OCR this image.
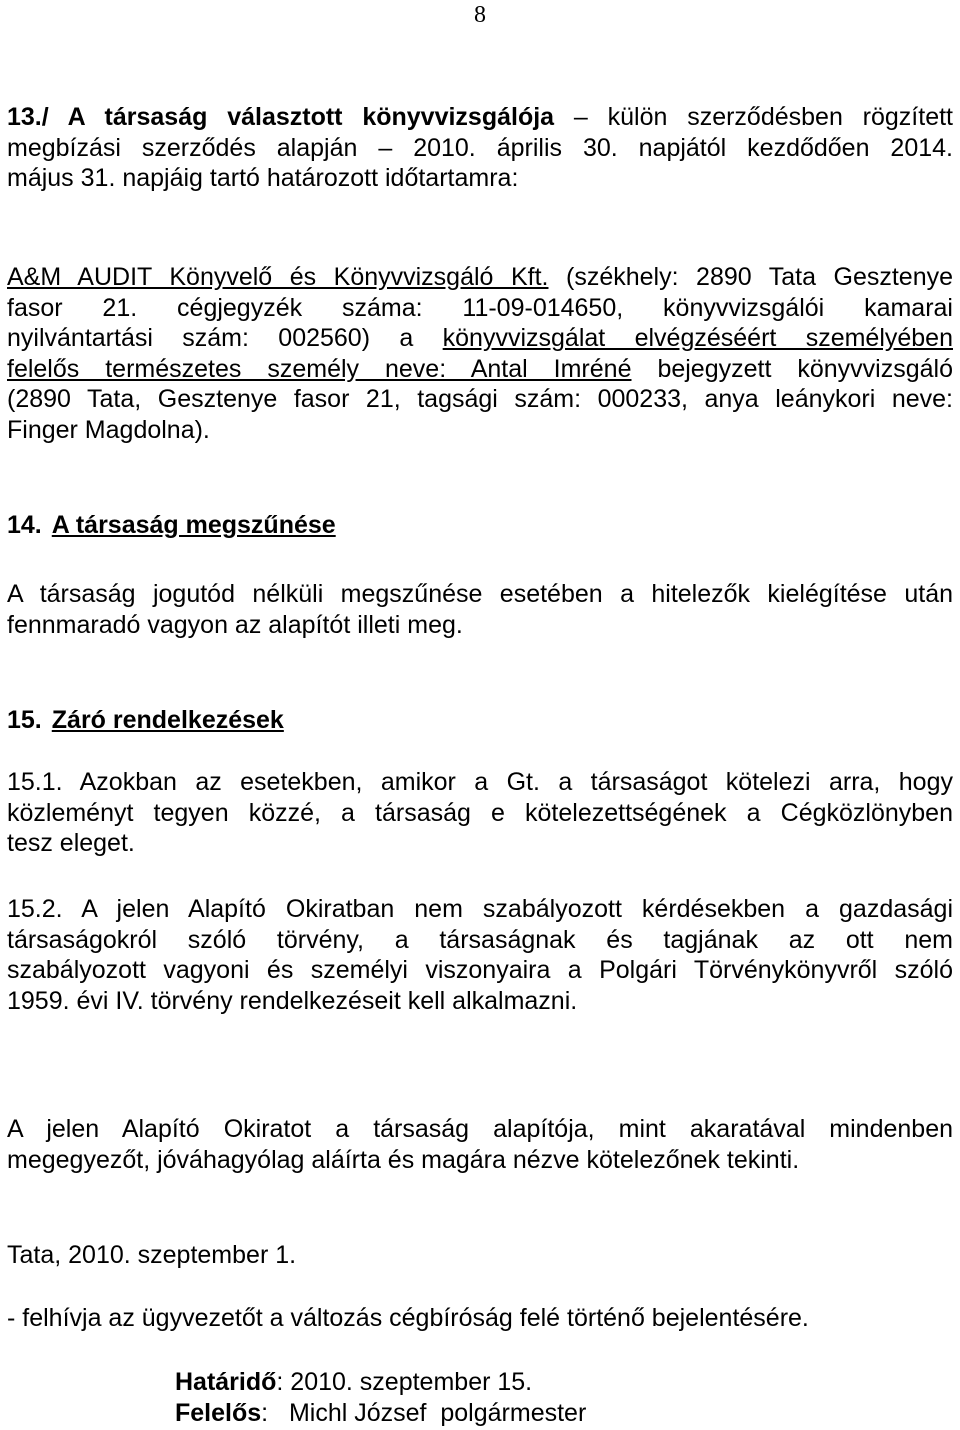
8
13./ A társaság választott könyvvizsgálója – külön szerződésben rögzített
megbízási szerződés alapján – 2010. április 30. napjától kezdődően 2014.
május 31. napjáig tartó határozott időtartamra:
A&M AUDIT Könyvelő és Könyvvizsgáló Kft. (székhely: 2890 Tata Gesztenye
fasor 21. cégjegyzék száma: 11-09-014650, könyvvizsgálói kamarai
nyilvántartási szám: 002560) a könyvvizsgálat elvégzéséért személyében
felelős természetes személy neve: Antal Imréné bejegyzett könyvvizsgáló
(2890 Tata, Gesztenye fasor 21, tagsági szám: 000233, anya leánykori neve:
Finger Magdolna).
14. A társaság megszűnése
A társaság jogutód nélküli megszűnése esetében a hitelezők kielégítése után
fennmaradó vagyon az alapítót illeti meg.
15. Záró rendelkezések
15.1. Azokban az esetekben, amikor a Gt. a társaságot kötelezi arra, hogy
közleményt tegyen közzé, a társaság e kötelezettségének a Cégközlönyben
tesz eleget.
15.2. A jelen Alapító Okiratban nem szabályozott kérdésekben a gazdasági
társaságokról szóló törvény, a társaságnak és tagjának az ott nem
szabályozott vagyoni és személyi viszonyaira a Polgári Törvénykönyvről szóló
1959. évi IV. törvény rendelkezéseit kell alkalmazni.
A jelen Alapító Okiratot a társaság alapítója, mint akaratával mindenben
megegyezőt, jóváhagyólag aláírta és magára nézve kötelezőnek tekinti.
Tata, 2010. szeptember 1.
- felhívja az ügyvezetőt a változás cégbíróság felé történő bejelentésére.
Határidő: 2010. szeptember 15.
Felelős:   Michl József  polgármester
